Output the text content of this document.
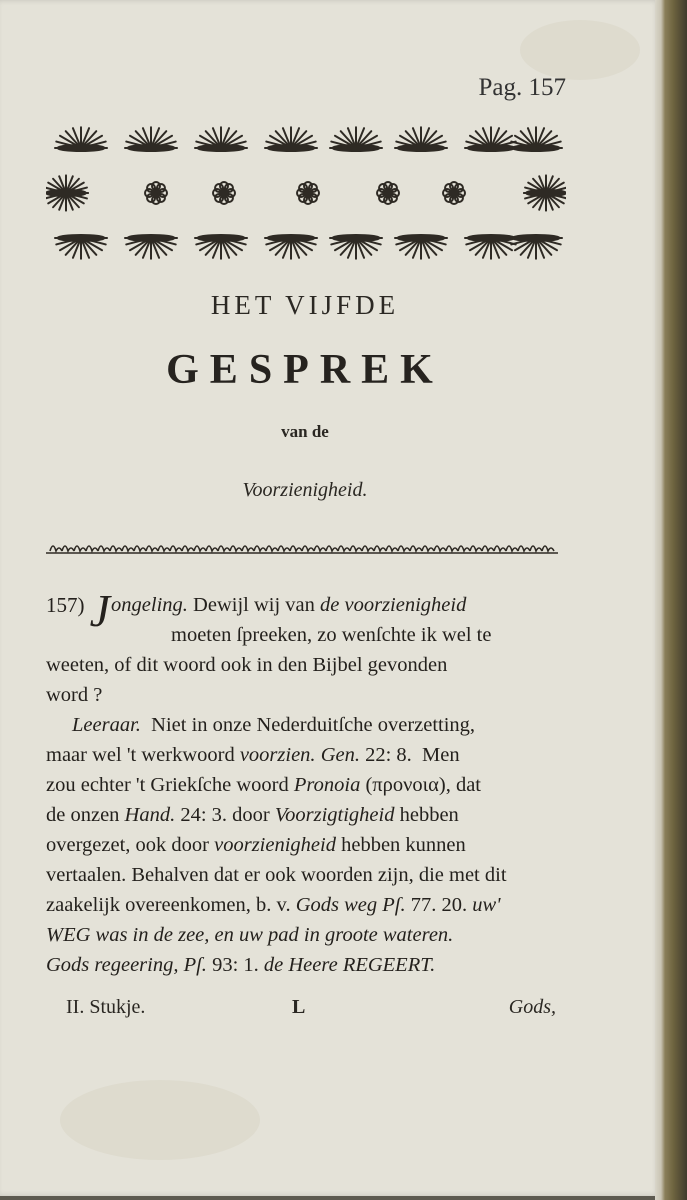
Pag. 157
HET VIJFDE
GESPREK
van de
Voorzienigheid.
157)
J ongeling. Dewijl wij van de voorzienigheid
moeten ſpreeken, zo wenſchte ik wel te
weeten, of dit woord ook in den Bijbel gevonden
word ?
Leeraar. Niet in onze Nederduitſche overzetting,
maar wel 't werkwoord voorzien. Gen. 22: 8.  Men
zou echter 't Griekſche woord Pronoia (προνοια), dat
de onzen Hand. 24: 3. door Voorzigtigheid hebben
overgezet, ook door voorzienigheid hebben kunnen
vertaalen. Behalven dat er ook woorden zijn, die met dit
zaakelijk overeenkomen, b. v. Gods weg Pſ. 77. 20. uw'
WEG was in de zee, en uw pad in groote wateren.
Gods regeering, Pſ. 93: 1. de Heere REGEERT.
II. Stukje.	L	Gods,
